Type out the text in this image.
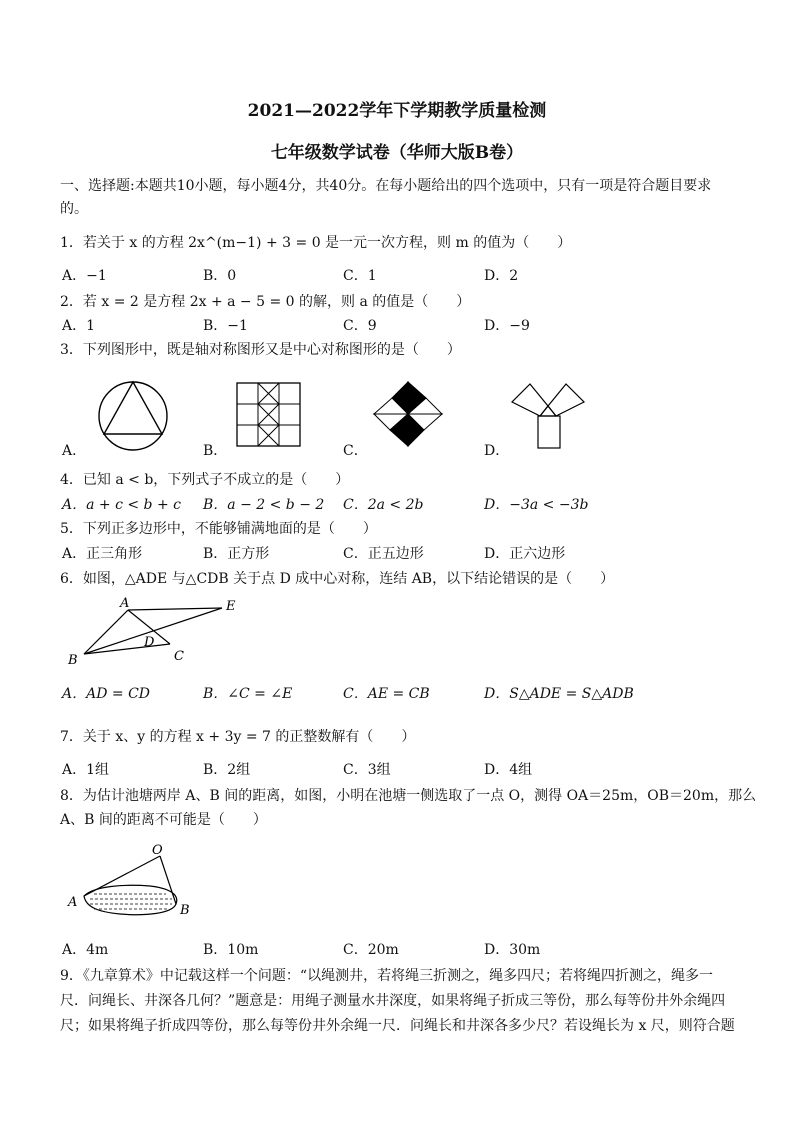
2021—2022学年下学期教学质量检测
七年级数学试卷（华师大版B卷）
一、选择题:本题共10小题，每小题4分，共40分。在每小题给出的四个选项中，只有一项是符合题目要求
的。
1．若关于 x 的方程 2x^(m−1) + 3 = 0 是一元一次方程，则 m 的值为（　　）
A．−1	B．0	C．1	D．2
2．若 x = 2 是方程 2x + a − 5 = 0 的解，则 a 的值是（　　）
A．1	B．−1	C．9	D．−9
3．下列图形中，既是轴对称图形又是中心对称图形的是（　　）
A．	B．	C．	D．
4．已知 a < b，下列式子不成立的是（　　）
A．a + c < b + c B．a − 2 < b − 2 C．2a < 2b	D．−3a < −3b
5．下列正多边形中，不能够铺满地面的是（　　）
A．正三角形	B．正方形	C．正五边形	D．正六边形
6．如图，△ADE 与△CDB 关于点 D 成中心对称，连结 AB，以下结论错误的是（　　）
A
B	C
D
E
A．AD = CD	B．∠C = ∠E	C．AE = CB	D．S△ADE = S△ADB
7．关于 x、y 的方程 x + 3y = 7 的正整数解有（　　）
A．1组	B．2组	C．3组	D．4组
8．为估计池塘两岸 A、B 间的距离，如图，小明在池塘一侧选取了一点 O，测得 OA＝25m，OB＝20m，那么
A、B 间的距离不可能是（　　）
O
A
B
A．4m	B．10m	C．20m	D．30m
9．《九章算术》中记载这样一个问题：“以绳测井，若将绳三折测之，绳多四尺；若将绳四折测之，绳多一
尺．问绳长、井深各几何？”题意是：用绳子测量水井深度，如果将绳子折成三等份，那么每等份井外余绳四
尺；如果将绳子折成四等份，那么每等份井外余绳一尺．问绳长和井深各多少尺？若设绳长为 x 尺，则符合题
